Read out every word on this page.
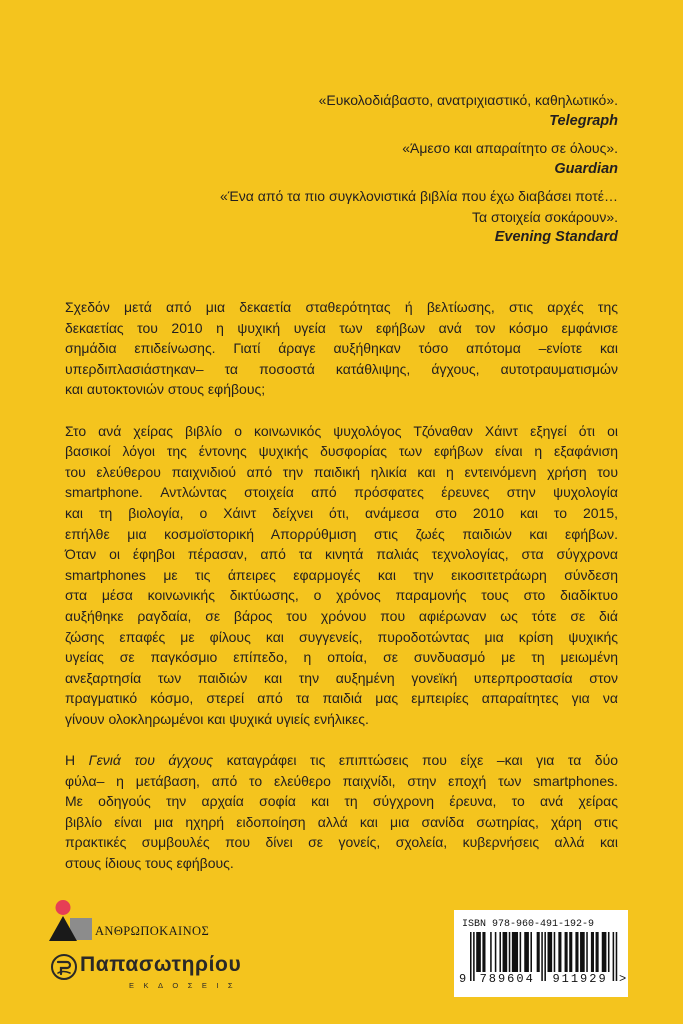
«Ευκολοδιάβαστο, ανατριχιαστικό, καθηλωτικό».
Telegraph
«Άμεσο και απαραίτητο σε όλους».
Guardian
«Ένα από τα πιο συγκλονιστικά βιβλία που έχω διαβάσει ποτέ…
Τα στοιχεία σοκάρουν».
Evening Standard
Σχεδόν μετά από μια δεκαετία σταθερότητας ή βελτίωσης, στις αρχές της
δεκαετίας του 2010 η ψυχική υγεία των εφήβων ανά τον κόσμο εμφάνισε
σημάδια επιδείνωσης. Γιατί άραγε αυξήθηκαν τόσο απότομα –ενίοτε και
υπερδιπλασιάστηκαν– τα ποσοστά κατάθλιψης, άγχους, αυτοτραυματισμών
και αυτοκτονιών στους εφήβους;
Στο ανά χείρας βιβλίο ο κοινωνικός ψυχολόγος Τζόναθαν Χάιντ εξηγεί ότι οι
βασικοί λόγοι της έντονης ψυχικής δυσφορίας των εφήβων είναι η εξαφάνιση
του ελεύθερου παιχνιδιού από την παιδική ηλικία και η εντεινόμενη χρήση του
smartphone. Αντλώντας στοιχεία από πρόσφατες έρευνες στην ψυχολογία
και τη βιολογία, ο Χάιντ δείχνει ότι, ανάμεσα στο 2010 και το 2015,
επήλθε μια κοσμοϊστορική Απορρύθμιση στις ζωές παιδιών και εφήβων.
Όταν οι έφηβοι πέρασαν, από τα κινητά παλιάς τεχνολογίας, στα σύγχρονα
smartphones με τις άπειρες εφαρμογές και την εικοσιτετράωρη σύνδεση
στα μέσα κοινωνικής δικτύωσης, ο χρόνος παραμονής τους στο διαδίκτυο
αυξήθηκε ραγδαία, σε βάρος του χρόνου που αφιέρωναν ως τότε σε διά
ζώσης επαφές με φίλους και συγγενείς, πυροδοτώντας μια κρίση ψυχικής
υγείας σε παγκόσμιο επίπεδο, η οποία, σε συνδυασμό με τη μειωμένη
ανεξαρτησία των παιδιών και την αυξημένη γονεϊκή υπερπροστασία στον
πραγματικό κόσμο, στερεί από τα παιδιά μας εμπειρίες απαραίτητες για να
γίνουν ολοκληρωμένοι και ψυχικά υγιείς ενήλικες.
Η Γενιά του άγχους καταγράφει τις επιπτώσεις που είχε –και για τα δύο
φύλα– η μετάβαση, από το ελεύθερο παιχνίδι, στην εποχή των smartphones.
Με οδηγούς την αρχαία σοφία και τη σύγχρονη έρευνα, το ανά χείρας
βιβλίο είναι μια ηχηρή ειδοποίηση αλλά και μια σανίδα σωτηρίας, χάρη στις
πρακτικές συμβουλές που δίνει σε γονείς, σχολεία, κυβερνήσεις αλλά και
στους ίδιους τους εφήβους.
ΑΝΘΡΩΠΟΚΑΙΝΟΣ
Παπασωτηρίου
ΕΚΔΟΣΕΙΣ
ISBN 978-960-491-192-9
9	789604	911929 >
